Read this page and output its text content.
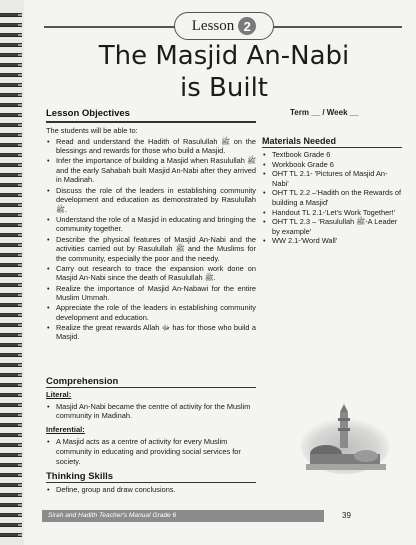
Lesson 2
The Masjid An-Nabi
is Built
Lesson Objectives	Term __ / Week __
The students will be able to:
• Read and understand the Hadith of Rasulullah ﷺ on the blessings and rewards for those who build a Masjid.
• Infer the importance of building a Masjid when Rasulullah ﷺ and the early Sahabah built Masjid An-Nabi after they arrived in Madinah.
• Discuss the role of the leaders in establishing community development and education as demonstrated by Rasulullah ﷺ.
• Understand the role of a Masjid in educating and bringing the community together.
• Describe the physical features of Masjid An-Nabi and the activities carried out by Rasulullah ﷺ and the Muslims for the community, especially the poor and the needy.
• Carry out research to trace the expansion work done on Masjid An-Nabi since the death of Rasulullah ﷺ.
• Realize the importance of Masjid An-Nabawi for the entire Muslim Ummah.
• Appreciate the role of the leaders in establishing community development and education.
• Realize the great rewards Allah ﷻ has for those who build a Masjid.
Materials Needed
• Textbook Grade 6
• Workbook Grade 6
• OHT TL 2.1- 'Pictures of Masjid An-Nabi'
• OHT TL 2.2 –'Hadith on the Rewards of building a Masjid'
• Handout TL 2.1-'Let's Work Together!'
• OHT TL 2.3 – 'Rasulullah ﷺ-A Leader by example'
• WW 2.1-'Word Wall'
Comprehension
Literal:
• Masjid An-Nabi became the centre of activity for the Muslim community in Madinah.
Inferential:
• A Masjid acts as a centre of activity for every Muslim community in educating and providing social services for society.
Thinking Skills
• Define, group and draw conclusions.
Sirah and Hadith Teacher's Manual Grade 6	39
